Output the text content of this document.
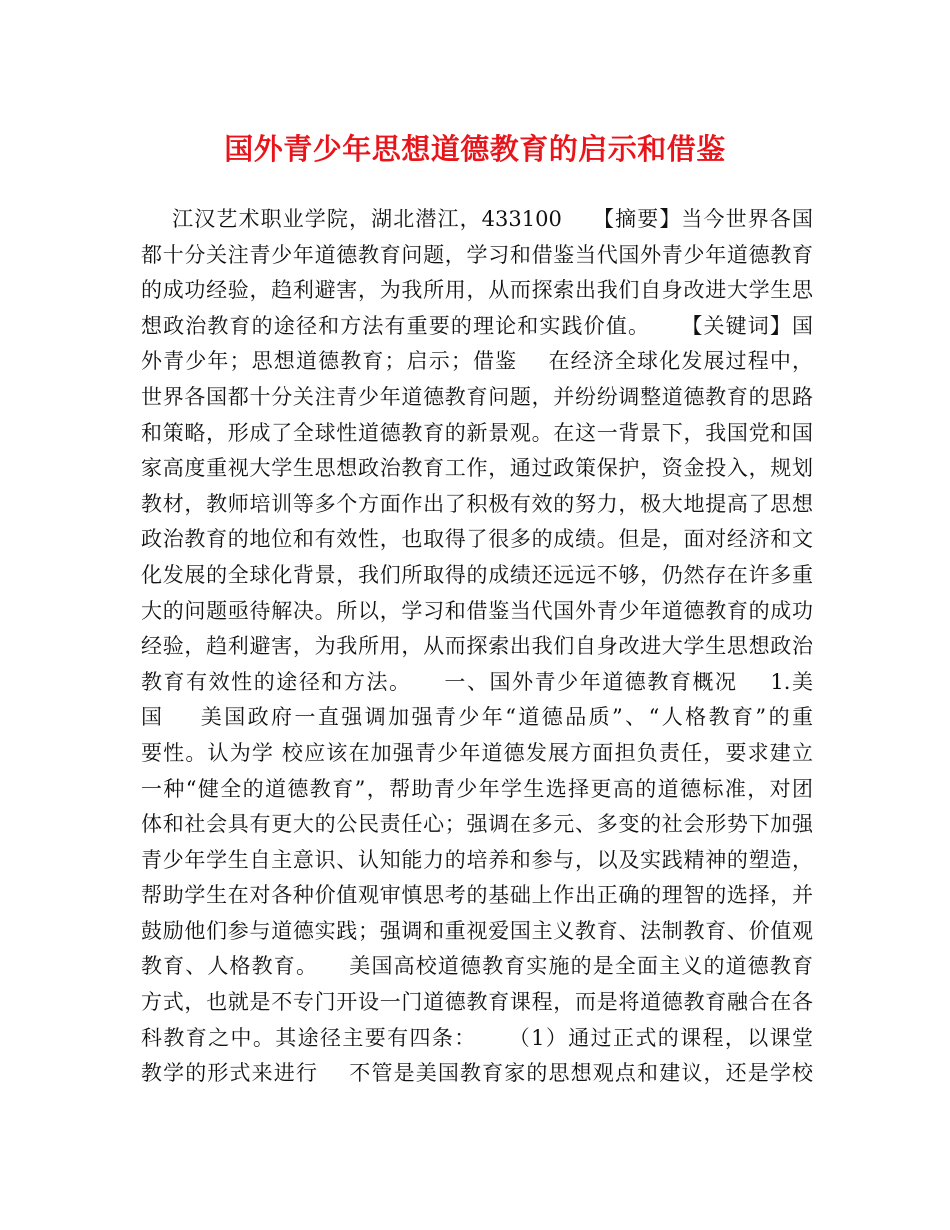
国外青少年思想道德教育的启示和借鉴
江汉艺术职业学院，湖北潜江，433100    【摘要】当今世界各国
都十分关注青少年道德教育问题，学习和借鉴当代国外青少年道德教育
的成功经验，趋利避害，为我所用，从而探索出我们自身改进大学生思
想政治教育的途径和方法有重要的理论和实践价值。    【关键词】国
外青少年；思想道德教育；启示；借鉴    在经济全球化发展过程中，
世界各国都十分关注青少年道德教育问题，并纷纷调整道德教育的思路
和策略，形成了全球性道德教育的新景观。在这一背景下，我国党和国
家高度重视大学生思想政治教育工作，通过政策保护，资金投入，规划
教材，教师培训等多个方面作出了积极有效的努力，极大地提高了思想
政治教育的地位和有效性，也取得了很多的成绩。但是，面对经济和文
化发展的全球化背景，我们所取得的成绩还远远不够，仍然存在许多重
大的问题亟待解决。所以，学习和借鉴当代国外青少年道德教育的成功
经验，趋利避害，为我所用，从而探索出我们自身改进大学生思想政治
教育有效性的途径和方法。    一、国外青少年道德教育概况    1.美
国    美国政府一直强调加强青少年“道德品质”、“人格教育”的重
要性。认为学 校应该在加强青少年道德发展方面担负责任，要求建立
一种“健全的道德教育”，帮助青少年学生选择更高的道德标准，对团
体和社会具有更大的公民责任心；强调在多元、多变的社会形势下加强
青少年学生自主意识、认知能力的培养和参与，以及实践精神的塑造，
帮助学生在对各种价值观审慎思考的基础上作出正确的理智的选择，并
鼓励他们参与道德实践；强调和重视爱国主义教育、法制教育、价值观
教育、人格教育。    美国高校道德教育实施的是全面主义的道德教育
方式，也就是不专门开设一门道德教育课程，而是将道德教育融合在各
科教育之中。其途径主要有四条：    （1）通过正式的课程，以课堂
教学的形式来进行    不管是美国教育家的思想观点和建议，还是学校
